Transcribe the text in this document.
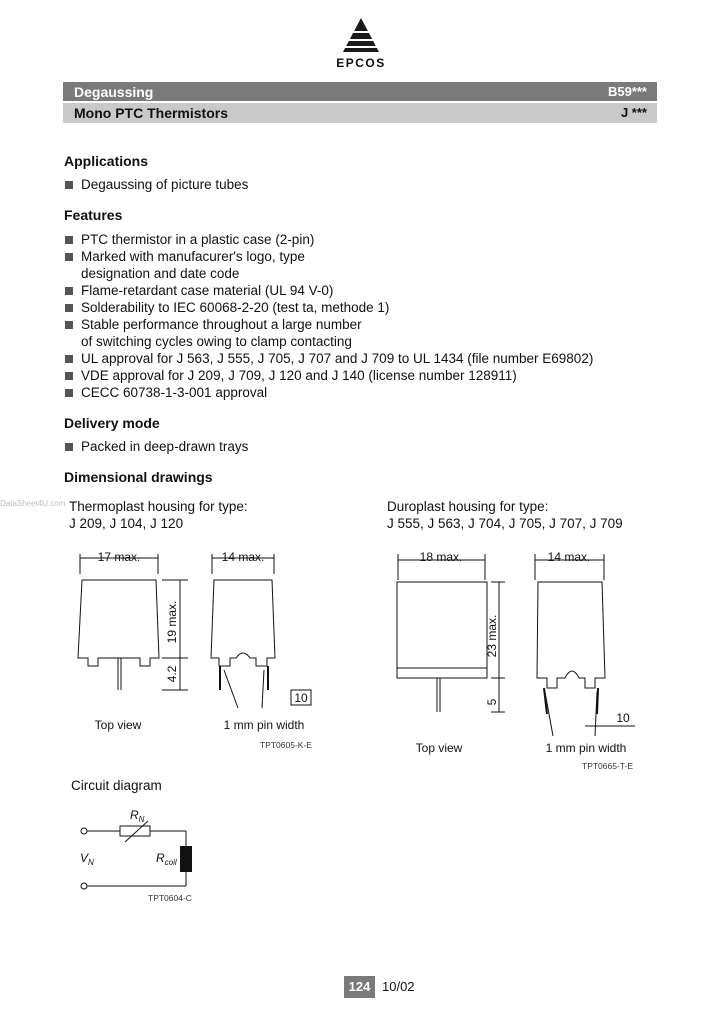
EPCOS
Degaussing	B59***
Mono PTC Thermistors	J ***
Applications
Degaussing of picture tubes
Features
PTC thermistor in a plastic case (2-pin)
Marked with manufacurer's logo, type
designation and date code
Flame-retardant case material (UL 94 V-0)
Solderability to IEC 60068-2-20 (test ta, methode 1)
Stable performance throughout a large number
of switching cycles owing to clamp contacting
UL approval for J 563, J 555, J 705, J 707 and J 709 to UL 1434 (file number E69802)
VDE approval for J 209, J 709, J 120 and J 140 (license number 128911)
CECC 60738-1-3-001 approval
Delivery mode
Packed in deep-drawn trays
Dimensional drawings
DataSheet4U.com Thermoplast housing for type:
J 209, J 104, J 120
Duroplast housing for type:
J 555, J 563, J 704, J 705, J 707, J 709
17 max.	14 max.
19 max.
4.2
10
Top view	1 mm pin width
TPT0605-K-E
18 max.	14 max.
23 max.
5
10
Top view	1 mm pin width
TPT0665-T-E
Circuit diagram
$R_N$
$V_N$	$R_{coil}$
TPT0604-C
124 10/02
